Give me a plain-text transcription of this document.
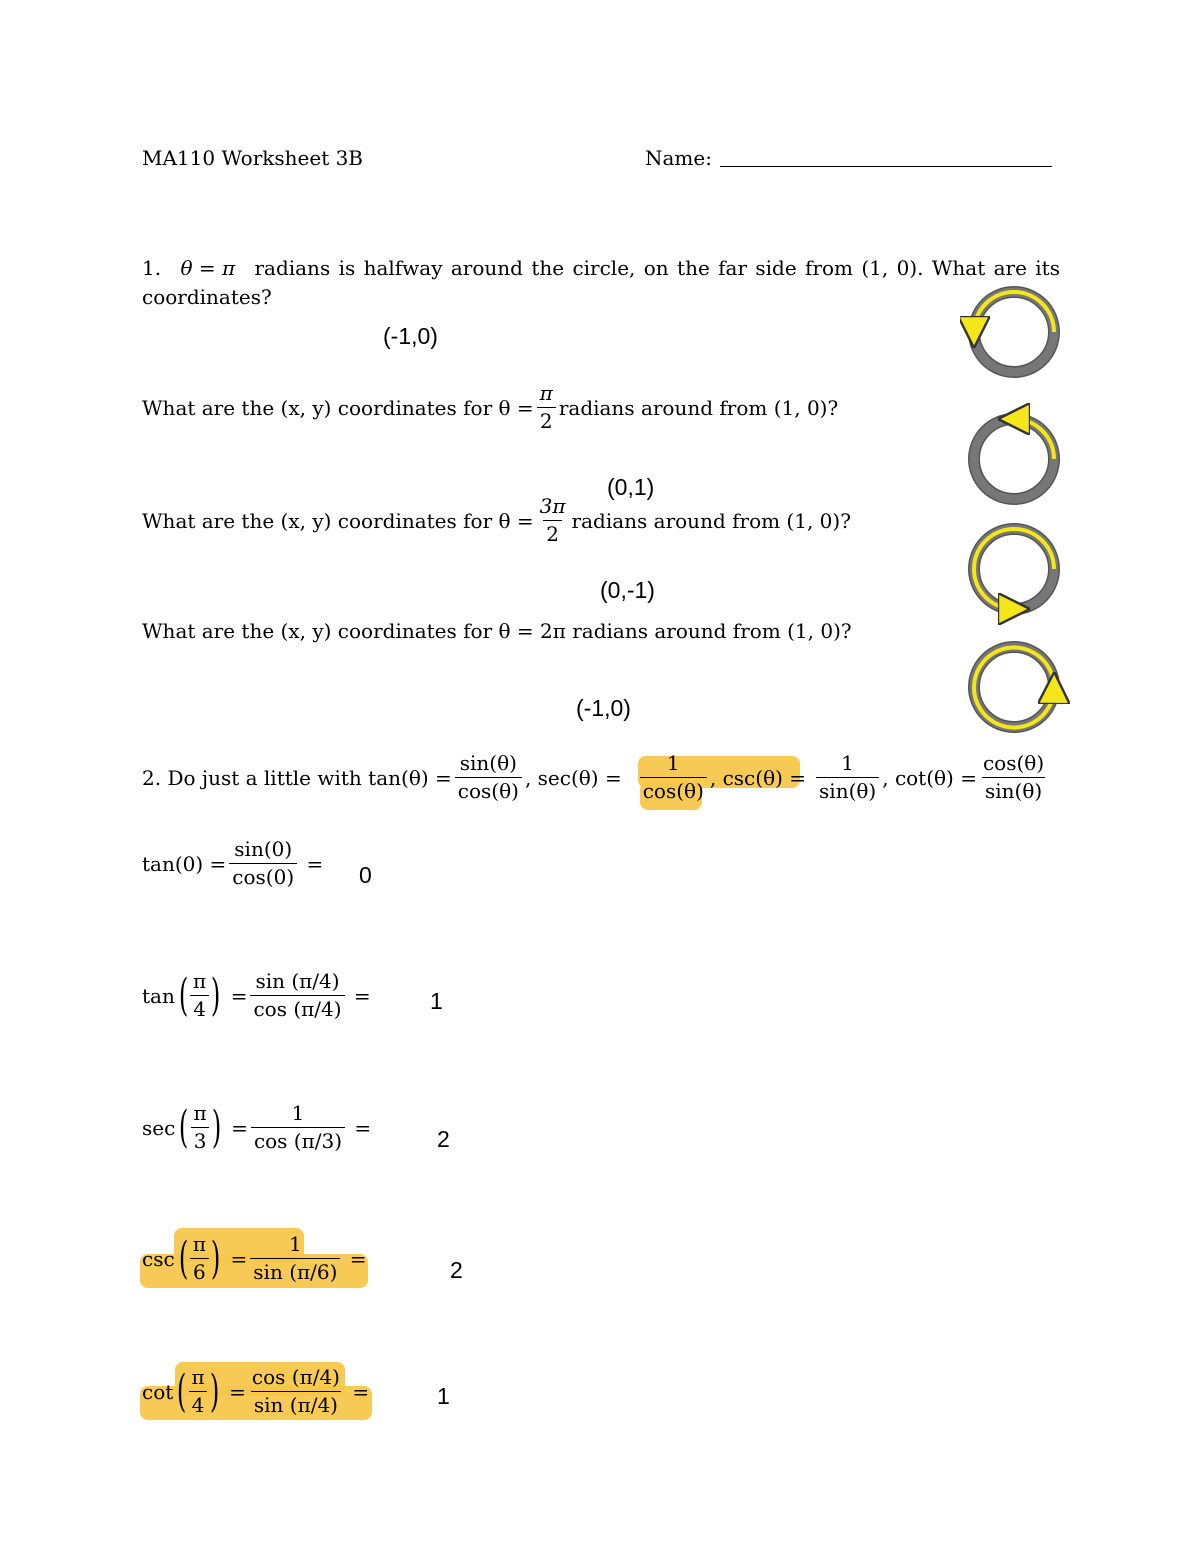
MA110 Worksheet 3B	Name:
1. θ = π radians is halfway around the circle, on the far side from (1, 0). What are its
coordinates?
(-1,0)
What are the (x, y) coordinates for $\theta = \frac{\pi}{2}$ radians around from (1, 0)?
(0,1)
What are the (x, y) coordinates for $\theta = \frac{3\pi}{2}$ radians around from (1, 0)?
(0,-1)
What are the (x, y) coordinates for θ = 2π radians around from (1, 0)?
(-1,0)
2.
Do just a little with
$\tan(\theta) = \frac{\sin(\theta)}{\cos(\theta)}$ , $\sec(\theta) = \frac{1}{\cos(\theta)}$ , $\csc(\theta) = \frac{1}{\sin(\theta)}$ , $\cot(\theta) = \frac{\cos(\theta)}{\sin(\theta)}$
$\tan(0) = \frac{\sin(0)}{\cos(0)} = 0$
tan ( $\frac{\pi}{4}$ ) = $\frac{\sin (\pi/4)}{\cos (\pi/4)}$ =	1
sec ( $\frac{\pi}{3}$ ) = $\frac{1}{\cos (\pi/3)}$ =	2
csc ( $\frac{\pi}{6}$ ) = $\frac{1}{\sin (\pi/6)}$ =	2
cot ( $\frac{\pi}{4}$ ) = $\frac{\cos (\pi/4)}{\sin (\pi/4)}$ =	1
